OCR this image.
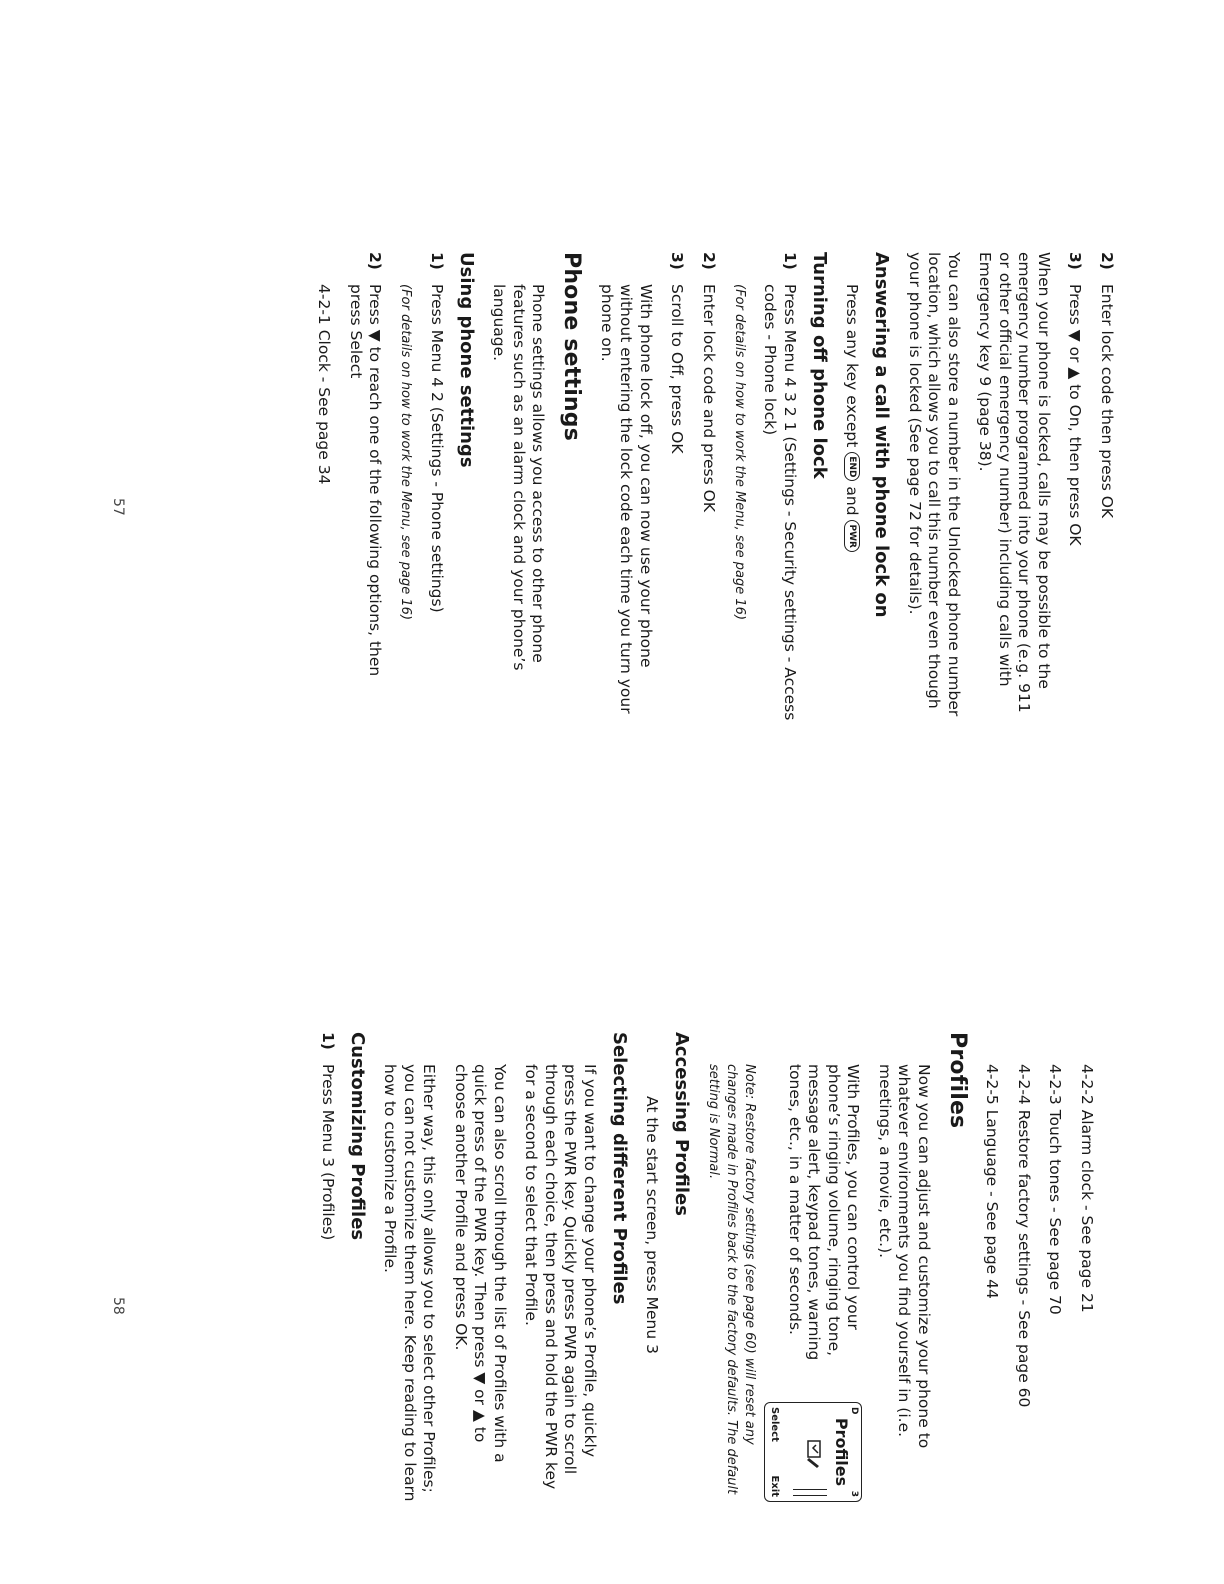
2)
Enter lock code then press OK
3)
Press ▼ or ▲ to On, then press OK

When your phone is locked, calls may be possible to the emergency number programmed into your phone (e.g. 911 or other official emergency number) including calls with Emergency key 9 (page 38).

You can also store a number in the Unlocked phone number location, which allows you to call this number even though your phone is locked (See page 72 for details).

Answering a call with phone lock on

Press any key except END and PWR

Turning off phone lock
1)
Press Menu 4 3 2 1 (Settings - Security settings - Access codes - Phone lock)

(For details on how to work the Menu, see page 16)

2)
Enter lock code and press OK
3)
Scroll to Off, press OK

With phone lock off, you can now use your phone without entering the lock code each time you turn your phone on.

Phone settings

Phone settings allows you access to other phone features such as an alarm clock and your phone’s language.

Using phone settings
1)
Press Menu 4 2 (Settings - Phone settings)

(For details on how to work the Menu, see page 16)

2)
Press ▼ to reach one of the following options, then press Select

4-2-1 Clock - See page 34

57

4-2-2 Alarm clock - See page 21

4-2-3 Touch tones - See page 70

4-2-4 Restore factory settings - See page 60

4-2-5 Language - See page 44

Profiles

Now you can adjust and customize your phone to whatever environments you find yourself in (i.e. meetings, a movie, etc.).

D
3
Profiles
Select
Exit

With Profiles, you can control your phone’s ringing volume, ringing tone, message alert, keypad tones, warning tones, etc., in a matter of seconds.

Note: Restore factory settings (see page 60) will reset any changes made in Profiles back to the factory defaults. The default setting is Normal.

Accessing Profiles

At the start screen, press Menu 3

Selecting different Profiles

If you want to change your phone’s Profile, quickly press the PWR key. Quickly press PWR again to scroll through each choice, then press and hold the PWR key for a second to select that Profile.

You can also scroll through the list of Profiles with a quick press of the PWR key. Then press ▼ or ▲ to choose another Profile and press OK.

Either way, this only allows you to select other Profiles; you can not customize them here. Keep reading to learn how to customize a Profile.

Customizing Profiles
1)
Press Menu 3 (Profiles)
58
